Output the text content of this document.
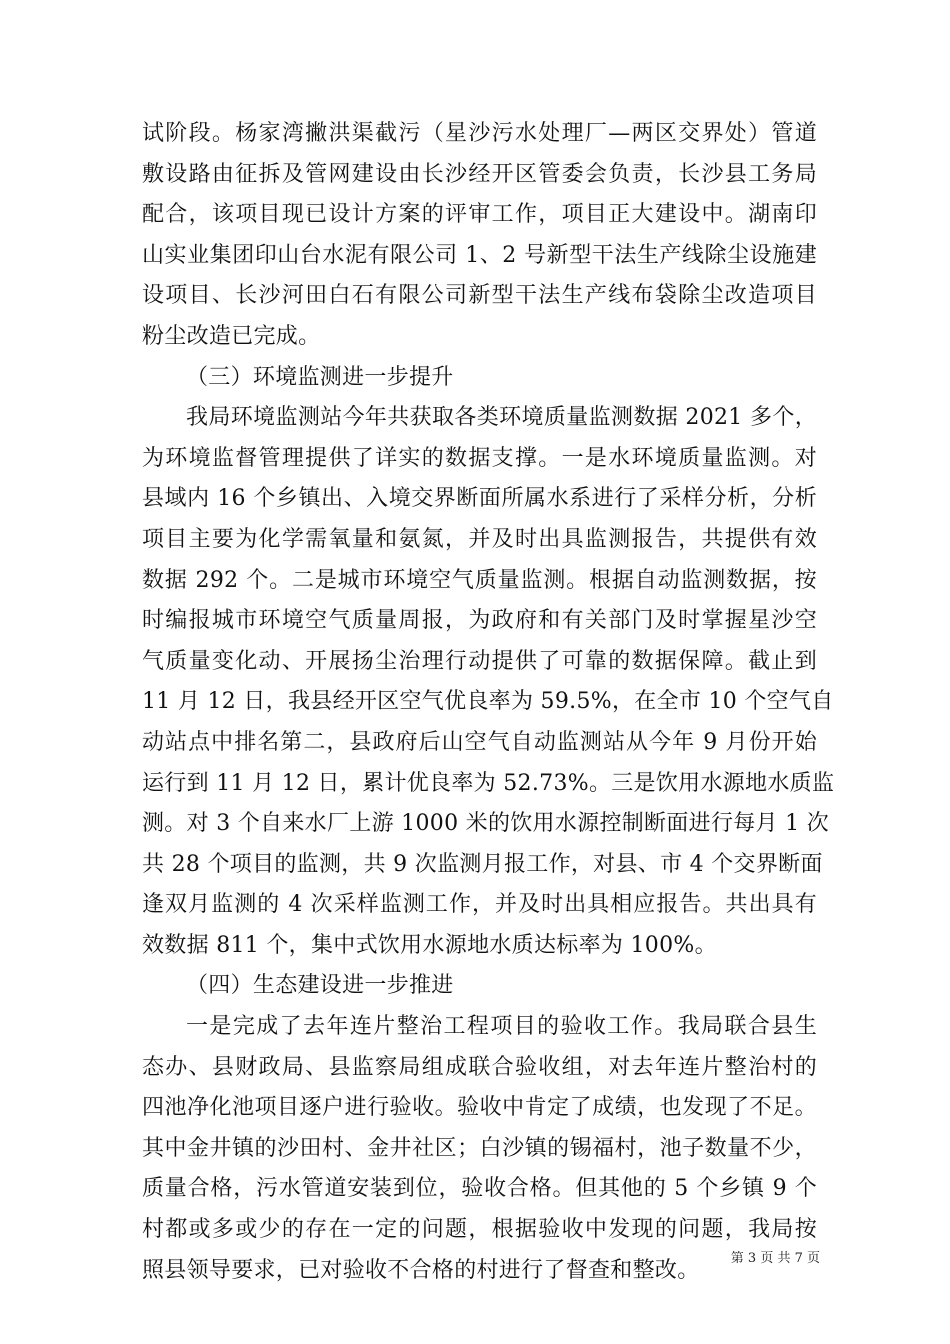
试阶段。杨家湾撇洪渠截污（星沙污水处理厂—两区交界处）管道
敷设路由征拆及管网建设由长沙经开区管委会负责，长沙县工务局
配合，该项目现已设计方案的评审工作，项目正大建设中。湖南印
山实业集团印山台水泥有限公司 1、2 号新型干法生产线除尘设施建
设项目、长沙河田白石有限公司新型干法生产线布袋除尘改造项目
粉尘改造已完成。
（三）环境监测进一步提升
我局环境监测站今年共获取各类环境质量监测数据 2021 多个，
为环境监督管理提供了详实的数据支撑。一是水环境质量监测。对
县域内 16 个乡镇出、入境交界断面所属水系进行了采样分析，分析
项目主要为化学需氧量和氨氮，并及时出具监测报告，共提供有效
数据 292 个。二是城市环境空气质量监测。根据自动监测数据，按
时编报城市环境空气质量周报，为政府和有关部门及时掌握星沙空
气质量变化动、开展扬尘治理行动提供了可靠的数据保障。截止到
11 月 12 日，我县经开区空气优良率为 59.5%，在全市 10 个空气自
动站点中排名第二，县政府后山空气自动监测站从今年 9 月份开始
运行到 11 月 12 日，累计优良率为 52.73%。三是饮用水源地水质监
测。对 3 个自来水厂上游 1000 米的饮用水源控制断面进行每月 1 次
共 28 个项目的监测，共 9 次监测月报工作，对县、市 4 个交界断面
逢双月监测的 4 次采样监测工作，并及时出具相应报告。共出具有
效数据 811 个，集中式饮用水源地水质达标率为 100%。
（四）生态建设进一步推进
一是完成了去年连片整治工程项目的验收工作。我局联合县生
态办、县财政局、县监察局组成联合验收组，对去年连片整治村的
四池净化池项目逐户进行验收。验收中肯定了成绩，也发现了不足。
其中金井镇的沙田村、金井社区；白沙镇的锡福村，池子数量不少，
质量合格，污水管道安装到位，验收合格。但其他的 5 个乡镇 9 个
村都或多或少的存在一定的问题，根据验收中发现的问题，我局按
照县领导要求，已对验收不合格的村进行了督查和整改。	第 3 页 共 7 页
